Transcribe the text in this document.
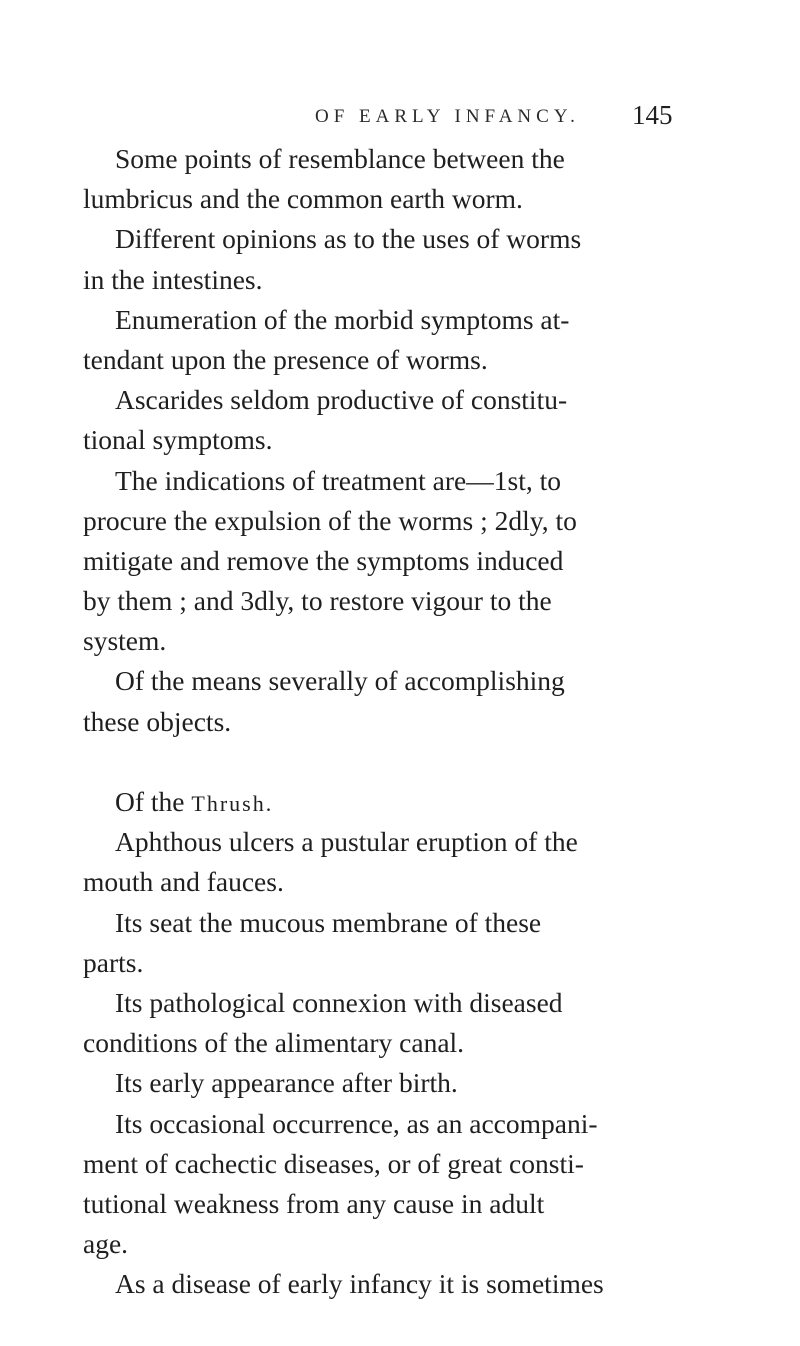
OF EARLY INFANCY. 145
Some points of resemblance between the
lumbricus and the common earth worm.
Different opinions as to the uses of worms
in the intestines.
Enumeration of the morbid symptoms at-
tendant upon the presence of worms.
Ascarides seldom productive of constitu-
tional symptoms.
The indications of treatment are—1st, to
procure the expulsion of the worms ; 2dly, to
mitigate and remove the symptoms induced
by them ; and 3dly, to restore vigour to the
system.
Of the means severally of accomplishing
these objects.
Of the Thrush.
Aphthous ulcers a pustular eruption of the
mouth and fauces.
Its seat the mucous membrane of these
parts.
Its pathological connexion with diseased
conditions of the alimentary canal.
Its early appearance after birth.
Its occasional occurrence, as an accompani-
ment of cachectic diseases, or of great consti-
tutional weakness from any cause in adult
age.
As a disease of early infancy it is sometimes
